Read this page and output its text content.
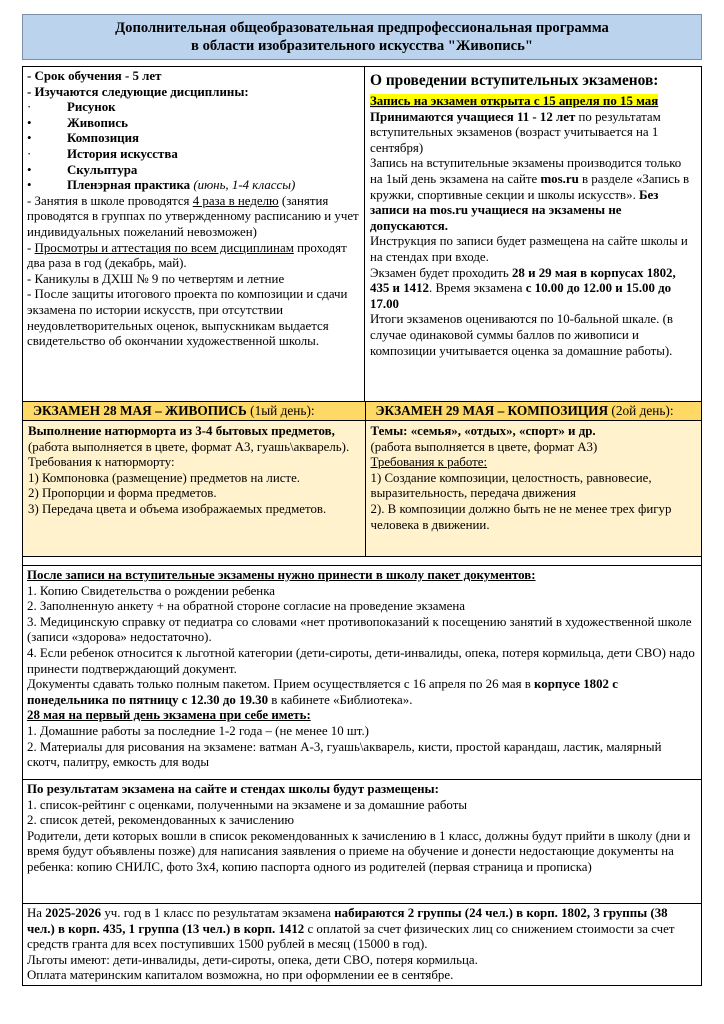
Дополнительная общеобразовательная предпрофессиональная программа
в области изобразительного искусства "Живопись"
- Срок обучения - 5 лет
- Изучаются следующие дисциплины:
·	Рисунок
•	Живопись
•	Композиция
·	История искусства
•	Скульптура
•	Пленэрная практика (июнь, 1-4 классы)
- Занятия в школе проводятся 4 раза в неделю (занятия проводятся в группах по утвержденному расписанию и учет индивидуальных пожеланий невозможен)
- Просмотры и аттестация по всем дисциплинам проходят два раза в год (декабрь, май).
- Каникулы в ДХШ № 9 по четвертям и летние
- После защиты итогового проекта по композиции и сдачи экзамена по истории искусств, при отсутствии неудовлетворительных оценок, выпускникам выдается свидетельство об окончании художественной школы.
О проведении вступительных экзаменов:
Запись на экзамен открыта с 15 апреля по 15 мая
Принимаются учащиеся 11 - 12 лет по результатам вступительных экзаменов (возраст учитывается на 1 сентября)
Запись на вступительные экзамены производится только на 1ый день экзамена на сайте mos.ru в разделе «Запись в кружки, спортивные секции и школы искусств». Без записи на mos.ru учащиеся на экзамены не допускаются.
Инструкция по записи будет размещена на сайте школы и на стендах при входе.
Экзамен будет проходить 28 и 29 мая в корпусах 1802, 435 и 1412. Время экзамена с 10.00 до 12.00 и 15.00 до 17.00
Итоги экзаменов оцениваются по 10-бальной шкале. (в случае одинаковой суммы баллов по живописи и композиции учитывается оценка за домашние работы).
ЭКЗАМЕН 28 МАЯ – ЖИВОПИСЬ (1ый день):
Выполнение натюрморта из 3-4 бытовых предметов, (работа выполняется в цвете, формат А3, гуашь\акварель).
Требования к натюрморту:
1) Компоновка (размещение) предметов на листе.
2) Пропорции и форма предметов.
3) Передача цвета и объема изображаемых предметов.
ЭКЗАМЕН 29 МАЯ – КОМПОЗИЦИЯ (2ой день):
Темы: «семья», «отдых», «спорт» и др.
(работа выполняется в цвете, формат А3)
Требования к работе:
1) Создание композиции, целостность, равновесие, выразительность, передача движения
2). В композиции должно быть не не менее трех фигур человека в движении.
После записи на вступительные экзамены нужно принести в школу пакет документов:
1. Копию Свидетельства о рождении ребенка
2. Заполненную анкету + на обратной стороне согласие на проведение экзамена
3. Медицинскую справку от педиатра со словами «нет противопоказаний к посещению занятий в художественной школе (записи «здорова» недостаточно).
4. Если ребенок относится к льготной категории (дети-сироты, дети-инвалиды, опека, потеря кормильца, дети СВО) надо принести подтверждающий документ.
Документы сдавать только полным пакетом. Прием осуществляется с 16 апреля по 26 мая в корпусе 1802 с понедельника по пятницу с 12.30 до 19.30 в кабинете «Библиотека».
28 мая на первый день экзамена при себе иметь:
1. Домашние работы за последние 1-2 года – (не менее 10 шт.)
2. Материалы для рисования на экзамене: ватман А-3, гуашь\акварель, кисти, простой карандаш, ластик, малярный скотч, палитру, емкость для воды
По результатам экзамена на сайте и стендах школы будут размещены:
1. список-рейтинг с оценками, полученными на экзамене и за домашние работы
2. список детей, рекомендованных к зачислению
Родители, дети которых вошли в список рекомендованных к зачислению в 1 класс, должны будут прийти в школу (дни и время будут объявлены позже) для написания заявления о приеме на обучение и донести недостающие документы на ребенка: копию СНИЛС, фото 3х4, копию паспорта одного из родителей (первая страница и прописка)
На 2025-2026 уч. год в 1 класс по результатам экзамена набираются 2 группы (24 чел.) в корп. 1802, 3 группы (38 чел.) в корп. 435, 1 группа (13 чел.) в корп. 1412 с оплатой за счет физических лиц со снижением стоимости за счет средств гранта для всех поступивших 1500 рублей в месяц (15000 в год).
Льготы имеют: дети-инвалиды, дети-сироты, опека, дети СВО, потеря кормильца.
Оплата материнским капиталом возможна, но при оформлении ее в сентябре.
